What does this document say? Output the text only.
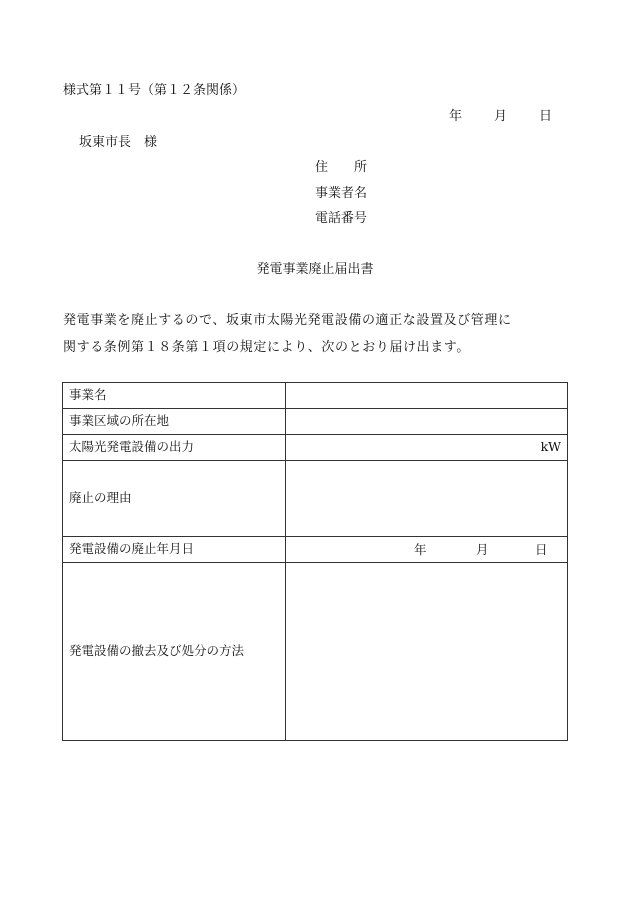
様式第１１号（第１２条関係）
年 月 日
坂東市長　様
住　　所
事業者名
電話番号
発電事業廃止届出書
発電事業を廃止するので、坂東市太陽光発電設備の適正な設置及び管理に
関する条例第１８条第１項の規定により、次のとおり届け出ます。
事業名	
事業区域の所在地	
太陽光発電設備の出力	kW
廃止の理由	
発電設備の廃止年月日	年 月 日

発電設備の撤去及び処分の方法	
